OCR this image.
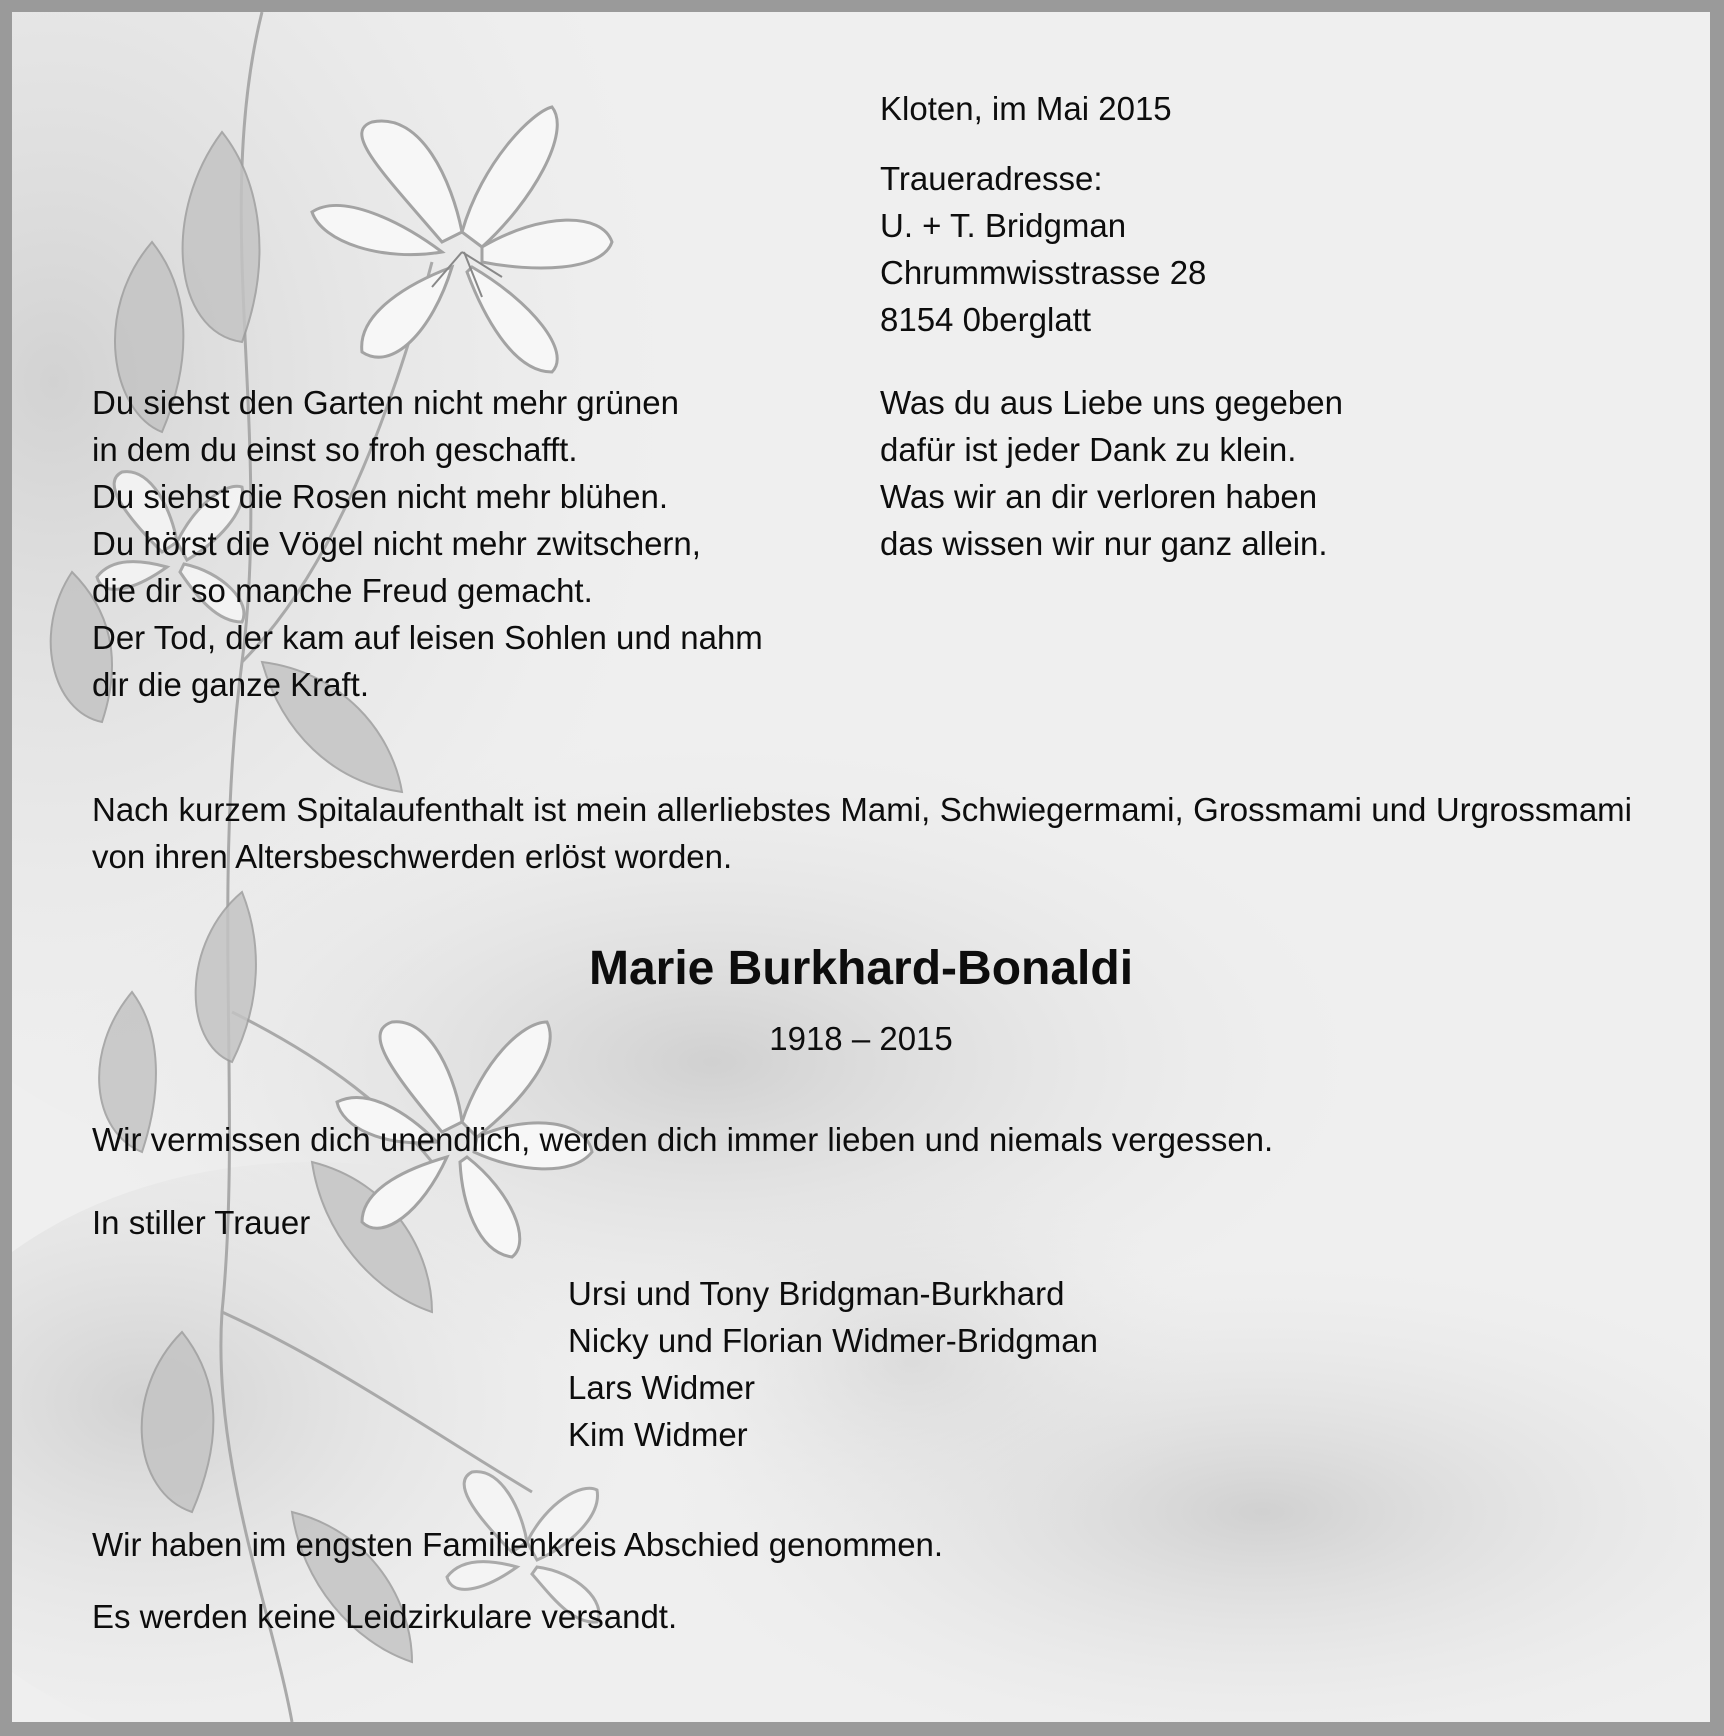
Kloten, im Mai 2015
Traueradresse:
U. + T. Bridgman
Chrummwisstrasse 28
8154 0berglatt
Du siehst den Garten nicht mehr grünen
in dem du einst so froh geschafft.
Du siehst die Rosen nicht mehr blühen.
Du hörst die Vögel nicht mehr zwitschern,
die dir so manche Freud gemacht.
Der Tod, der kam auf leisen Sohlen und nahm
dir die ganze Kraft.
Was du aus Liebe uns gegeben
dafür ist jeder Dank zu klein.
Was wir an dir verloren haben
das wissen wir nur ganz allein.
Nach kurzem Spitalaufenthalt ist mein allerliebstes Mami, Schwiegermami, Grossmami und Urgrossmami von ihren Altersbeschwerden erlöst worden.
Marie Burkhard-Bonaldi
1918 – 2015
Wir vermissen dich unendlich, werden dich immer lieben und niemals vergessen.
In stiller Trauer
Ursi und Tony Bridgman-Burkhard
Nicky und Florian Widmer-Bridgman
Lars Widmer
Kim Widmer
Wir haben im engsten Familienkreis Abschied genommen.
Es werden keine Leidzirkulare versandt.
